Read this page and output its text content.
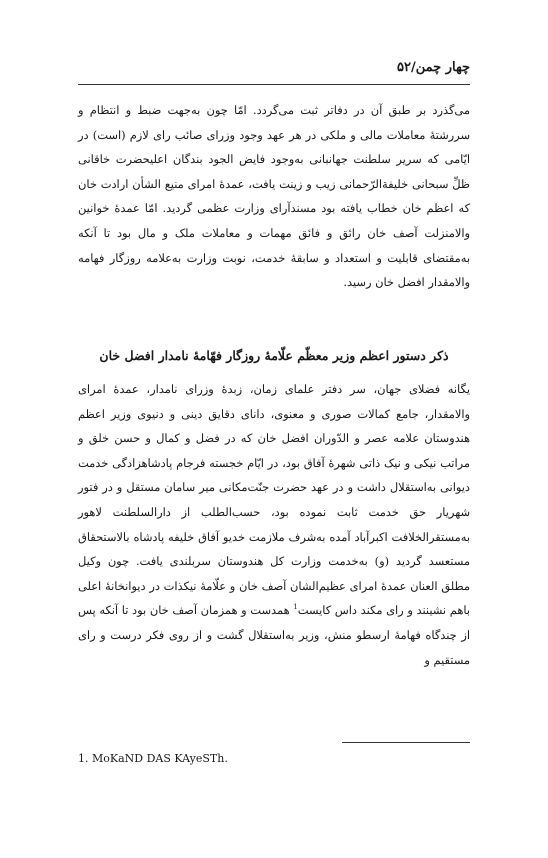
چهار چمن/۵۲

می‌گذرد بر طبق آن در دفاتر ثبت می‌گردد. امّا چون به‌جهت ضبط و انتظام و سررشتهٔ معاملات مالی و ملکی در هر عهد وجود وزرای صائب رای لازم (است) در ایّامی که سریر سلطنت جهانبانی به‌وجود فایض الجود بندگان اعلیحضرت خاقانی ظلِّ سبحانی خلیفةالرّحمانی زیب و زینت یافت، عمدهٔ امرای منیع الشأن ارادت خان که اعظم خان خطاب یافته بود مسندآرای وزارت عظمی گردید. امّا عمدهٔ خوانین والامنزلت آصف خان رائق و فائق مهمات و معاملات ملک و مال بود تا آنکه به‌مقتضای قابلیت و استعداد و سابقهٔ خدمت، نوبت وزارت به‌علامه روزگار فهامه والامقدار افضل خان رسید.

ذکر دستور اعظم وزیر معظّم علّامهٔ روزگار فهّامهٔ نامدار افضل خان

یگانه فضلای جهان، سر دفتر علمای زمان، زبدهٔ وزرای نامدار، عمدهٔ امرای والامقدار، جامع کمالات صوری و معنوی، دانای دقایق دینی و دنیوی وزیر اعظم هندوستان علامه عصر و الدّوران افضل خان که در فضل و کمال و حسن خلق و مراتب نیکی و نیک ذاتی شهرهٔ آفاق بود، در ایّام خجسته فرجام پادشاهزادگی خدمت دیوانی به‌استقلال داشت و در عهد حضرت جنّت‌مکانی میر سامان مستقل و در فتور شهریار حق خدمت ثابت نموده بود، حسب‌الطلب از دارالسلطنت لاهور به‌مستقرالخلافت اکبرآباد آمده به‌شرف ملازمت خدیو آفاق خلیفه پادشاه بالاستحقاق مستعسد گردید (و) به‌خدمت وزارت کل هندوستان سربلندی یافت. چون وکیل مطلق العنان عمدهٔ امرای عظیم‌الشان آصف خان و علّامهٔ نیکذات در دیوانخانهٔ اعلی باهم نشینند و رای مکند داس کایست$^1$ همدست و همزمان آصف خان بود تا آنکه پس از چندگاه فهامهٔ ارسطو منش، وزیر به‌استقلال گشت و از روی فکر درست و رای مستقیم و

1. MoKaND DAS KAyeSTh.
